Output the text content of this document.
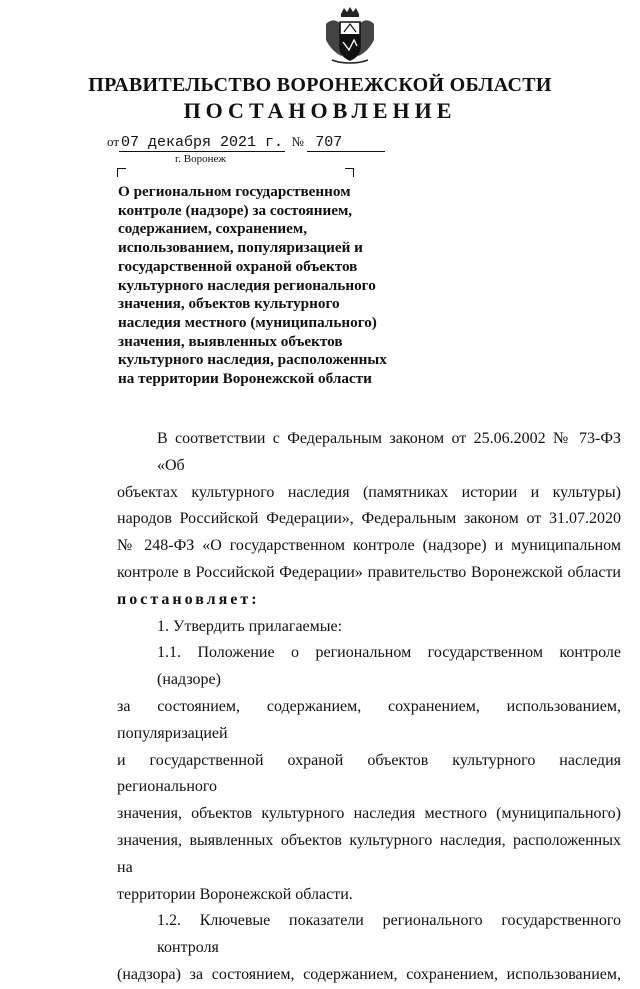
ПРАВИТЕЛЬСТВО ВОРОНЕЖСКОЙ ОБЛАСТИ
ПОСТАНОВЛЕНИЕ
от 07 декабря 2021 г. № 707
г. Воронеж
О региональном государственном
контроле (надзоре) за состоянием,
содержанием, сохранением,
использованием, популяризацией и
государственной охраной объектов
культурного наследия регионального
значения, объектов культурного
наследия местного (муниципального)
значения, выявленных объектов
культурного наследия, расположенных
на территории Воронежской области
В соответствии с Федеральным законом от 25.06.2002 № 73-ФЗ «Об
объектах культурного наследия (памятниках истории и культуры)
народов Российской Федерации», Федеральным законом от 31.07.2020
№ 248-ФЗ «О государственном контроле (надзоре) и муниципальном
контроле в Российской Федерации» правительство Воронежской области
постановляет:
1. Утвердить прилагаемые:
1.1. Положение о региональном государственном контроле (надзоре)
за состоянием, содержанием, сохранением, использованием, популяризацией
и государственной охраной объектов культурного наследия регионального
значения, объектов культурного наследия местного (муниципального)
значения, выявленных объектов культурного наследия, расположенных на
территории Воронежской области.
1.2. Ключевые показатели регионального государственного контроля
(надзора) за состоянием, содержанием, сохранением, использованием,
